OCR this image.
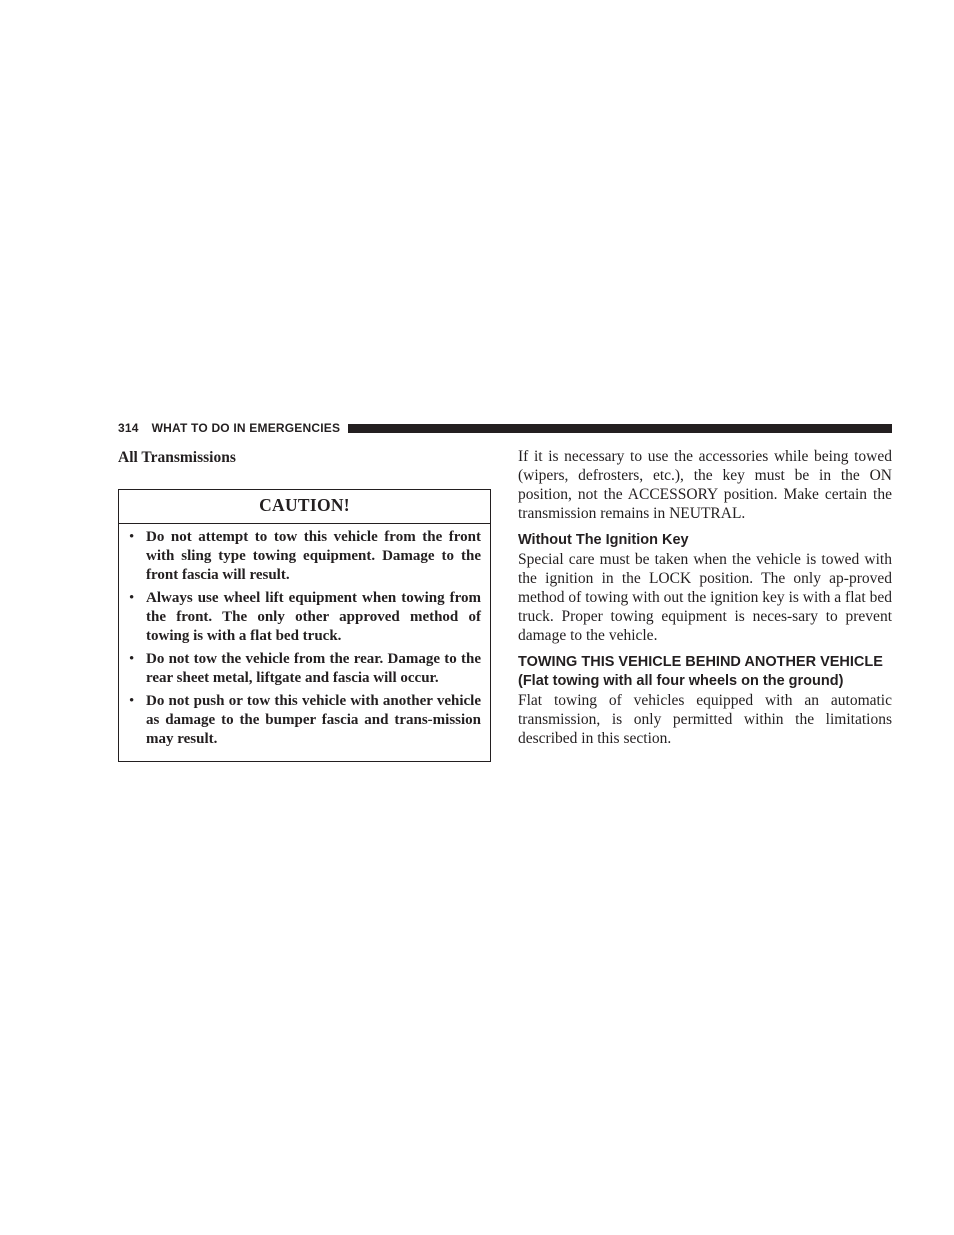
314 WHAT TO DO IN EMERGENCIES
All Transmissions
CAUTION!
• Do not attempt to tow this vehicle from the front with sling type towing equipment. Damage to the front fascia will result.
• Always use wheel lift equipment when towing from the front. The only other approved method of towing is with a flat bed truck.
• Do not tow the vehicle from the rear. Damage to the rear sheet metal, liftgate and fascia will occur.
• Do not push or tow this vehicle with another vehicle as damage to the bumper fascia and trans-mission may result.

If it is necessary to use the accessories while being towed (wipers, defrosters, etc.), the key must be in the ON position, not the ACCESSORY position. Make certain the transmission remains in NEUTRAL.

Without The Ignition Key

Special care must be taken when the vehicle is towed with the ignition in the LOCK position. The only ap-proved method of towing with out the ignition key is with a flat bed truck. Proper towing equipment is neces-sary to prevent damage to the vehicle.

TOWING THIS VEHICLE BEHIND ANOTHER VEHICLE (Flat towing with all four wheels on the ground)

Flat towing of vehicles equipped with an automatic transmission, is only permitted within the limitations described in this section.
